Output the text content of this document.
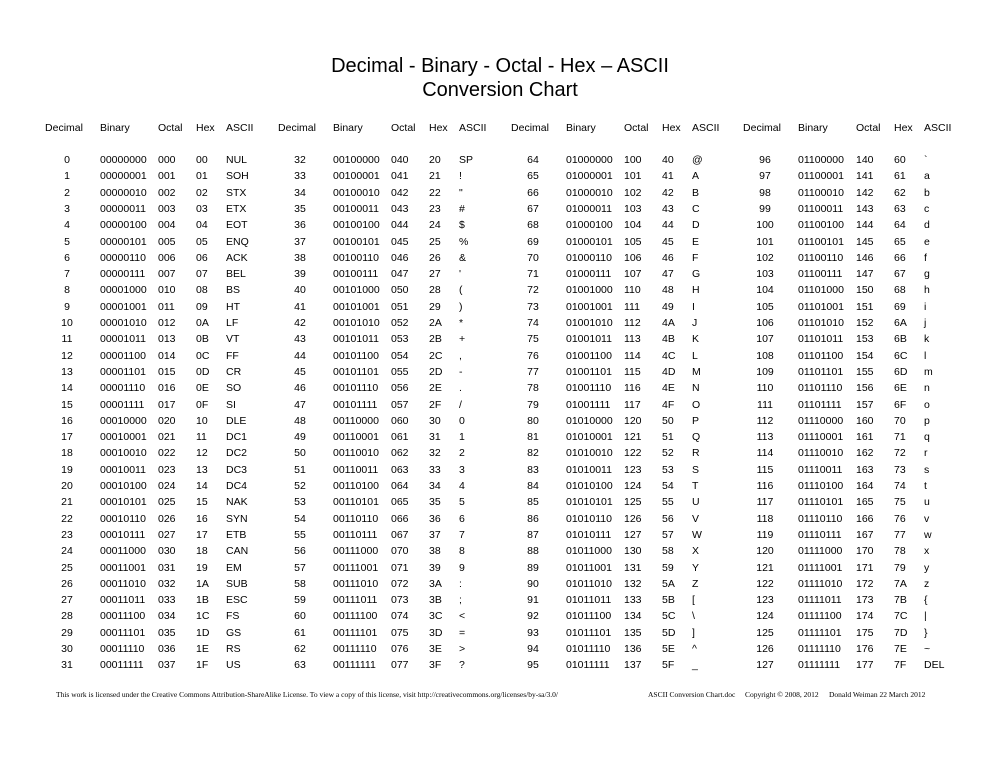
Decimal - Binary - Octal - Hex – ASCII
Conversion Chart
Decimal Binary	Octal Hex ASCII Decimal Binary	Octal Hex ASCII Decimal Binary	Octal Hex ASCII Decimal Binary	Octal Hex ASCII
0	00000000 000 00 NUL	32	00100000 040 20 SP	64	01000000 100 40 @	96	01100000 140 60 `
1	00000001 001 01 SOH	33	00100001 041 21 !	65	01000001 101 41 A	97	01100001 141 61 a
2	00000010 002 02 STX	34	00100010 042 22 "	66	01000010 102 42 B	98	01100010 142 62 b
3	00000011 003 03 ETX	35	00100011 043 23 #	67	01000011 103 43 C	99	01100011 143 63 c
4	00000100 004 04 EOT	36	00100100 044 24 $	68	01000100 104 44 D	100	01100100 144 64 d
5	00000101 005 05 ENQ	37	00100101 045 25 %	69	01000101 105 45 E	101	01100101 145 65 e
6	00000110 006 06 ACK	38	00100110 046 26 &	70	01000110 106 46 F	102	01100110 146 66 f
7	00000111 007 07 BEL	39	00100111 047 27 '	71	01000111 107 47 G	103	01100111 147 67 g
8	00001000 010 08 BS	40	00101000 050 28 (	72	01001000 110 48 H	104	01101000 150 68 h
9	00001001 011 09 HT	41	00101001 051 29 )	73	01001001 111 49 I	105	01101001 151 69 i
10	00001010 012 0A LF	42	00101010 052 2A *	74	01001010 112 4A J	106	01101010 152 6A j
11	00001011 013 0B VT	43	00101011 053 2B +	75	01001011 113 4B K	107	01101011 153 6B k
12	00001100 014 0C FF	44	00101100 054 2C ,	76	01001100 114 4C L	108	01101100 154 6C l
13	00001101 015 0D CR	45	00101101 055 2D -	77	01001101 115 4D M	109	01101101 155 6D m
14	00001110 016 0E SO	46	00101110 056 2E .	78	01001110 116 4E N	110	01101110 156 6E n
15	00001111 017 0F SI	47	00101111 057 2F /	79	01001111 117 4F O	111	01101111 157 6F o
16	00010000 020 10 DLE	48	00110000 060 30 0	80	01010000 120 50 P	112	01110000 160 70 p
17	00010001 021 11 DC1	49	00110001 061 31 1	81	01010001 121 51 Q	113	01110001 161 71 q
18	00010010 022 12 DC2	50	00110010 062 32 2	82	01010010 122 52 R	114	01110010 162 72 r
19	00010011 023 13 DC3	51	00110011 063 33 3	83	01010011 123 53 S	115	01110011 163 73 s
20	00010100 024 14 DC4	52	00110100 064 34 4	84	01010100 124 54 T	116	01110100 164 74 t
21	00010101 025 15 NAK	53	00110101 065 35 5	85	01010101 125 55 U	117	01110101 165 75 u
22	00010110 026 16 SYN	54	00110110 066 36 6	86	01010110 126 56 V	118	01110110 166 76 v
23	00010111 027 17 ETB	55	00110111 067 37 7	87	01010111 127 57 W	119	01110111 167 77 w
24	00011000 030 18 CAN	56	00111000 070 38 8	88	01011000 130 58 X	120	01111000 170 78 x
25	00011001 031 19 EM	57	00111001 071 39 9	89	01011001 131 59 Y	121	01111001 171 79 y
26	00011010 032 1A SUB	58	00111010 072 3A :	90	01011010 132 5A Z	122	01111010 172 7A z
27	00011011 033 1B ESC	59	00111011 073 3B ;	91	01011011 133 5B [	123	01111011 173 7B {
28	00011100 034 1C FS	60	00111100 074 3C <	92	01011100 134 5C \	124	01111100 174 7C |
29	00011101 035 1D GS	61	00111101 075 3D =	93	01011101 135 5D ]	125	01111101 175 7D }
30	00011110 036 1E RS	62	00111110 076 3E >	94	01011110 136 5E ^	126	01111110 176 7E ~
31	00011111 037 1F US	63	00111111 077 3F ?	95	01011111 137 5F _	127	01111111 177 7F DEL
This work is licensed under the Creative Commons Attribution-ShareAlike License. To view a copy of this license, visit http://creativecommons.org/licenses/by-sa/3.0/	ASCII Conversion Chart.doc Copyright © 2008, 2012 Donald Weiman 22 March 2012
